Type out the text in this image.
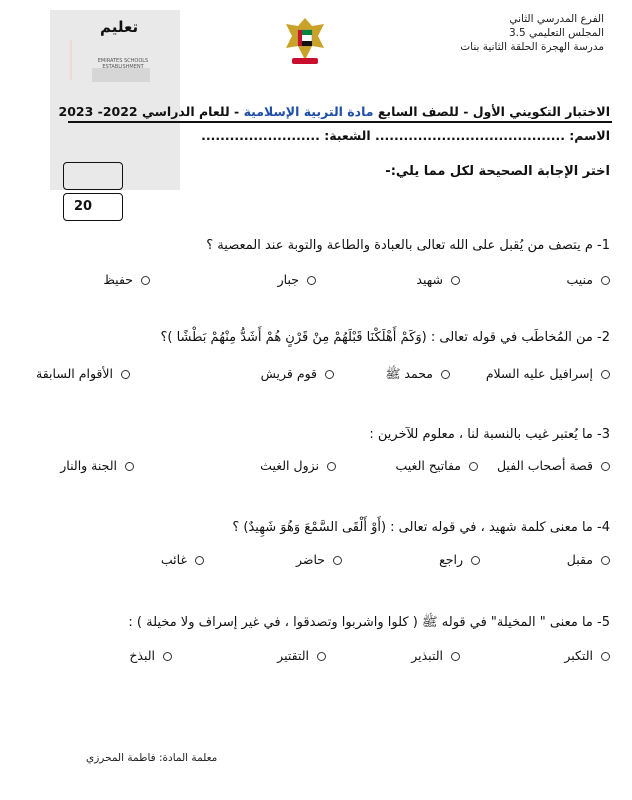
تعليم
EMIRATES SCHOOLS ESTABLISHMENT
الفرع المدرسي الثاني
المجلس التعليمي 3.5
مدرسة الهجرة الحلقة الثانية بنات
الاختبار التكويني الأول - للصف السابع مادة التربية الإسلامية - للعام الدراسي 2022- 2023
الاسم: ........................................ الشعبة: .........................
اختر الإجابة الصحيحة لكل مما يلي:-
20
1- م يتصف من يُقبل على الله تعالى بالعبادة والطاعة والتوبة عند المعصية ؟
منيب
شهيد
جبار
حفيظ
2- من المُخاطَب في قوله تعالى : (وَكَمْ أَهْلَكْنَا قَبْلَهُمْ مِنْ قَرْنٍ هُمْ أَشَدُّ مِنْهُمْ بَطْشًا )؟
إسرافيل عليه السلام
محمد ﷺ
قوم قريش
الأقوام السابقة
3- ما يُعتبر غيب بالنسبة لنا ، معلوم للآخرين :
قصة أصحاب الفيل
مفاتيح الغيب
نزول الغيث
الجنة والنار
4- ما معنى كلمة شهيد ، في قوله تعالى : (أَوْ أَلْقَى السَّمْعَ وَهُوَ شَهِيدٌ) ؟
مقبل
راجع
حاضر
غائب
5- ما معنى " المخيلة" في قوله ﷺ ( كلوا واشربوا وتصدقوا ، في غير إسراف ولا مخيلة ) :
التكبر
التبذير
التقتير
البذخ
معلمة المادة: فاطمة المحرزي
